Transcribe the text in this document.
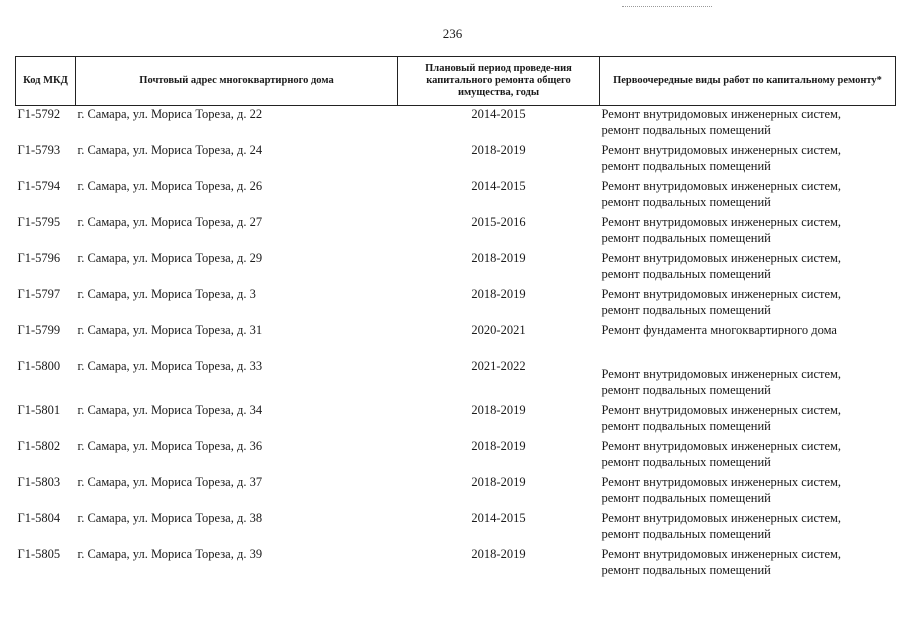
236
Код МКД	Почтовый адрес многоквартирного дома	Плановый период проведе-ния капитального ремонта общего имущества, годы	Первоочередные виды работ по капитальному ремонту*
Г1-5792	г. Самара, ул. Мориса Тореза, д. 22	2014-2015	Ремонт внутридомовых инженерных систем,
ремонт подвальных помещений

Г1-5793	г. Самара, ул. Мориса Тореза, д. 24	2018-2019	Ремонт внутридомовых инженерных систем,
ремонт подвальных помещений

Г1-5794	г. Самара, ул. Мориса Тореза, д. 26	2014-2015	Ремонт внутридомовых инженерных систем,
ремонт подвальных помещений

Г1-5795	г. Самара, ул. Мориса Тореза, д. 27	2015-2016	Ремонт внутридомовых инженерных систем,
ремонт подвальных помещений

Г1-5796	г. Самара, ул. Мориса Тореза, д. 29	2018-2019	Ремонт внутридомовых инженерных систем,
ремонт подвальных помещений

Г1-5797	г. Самара, ул. Мориса Тореза, д. 3	2018-2019	Ремонт внутридомовых инженерных систем,
ремонт подвальных помещений

Г1-5799	г. Самара, ул. Мориса Тореза, д. 31	2020-2021	Ремонт фундамента многоквартирного дома

Г1-5800	г. Самара, ул. Мориса Тореза, д. 33	2021-2022	Ремонт внутридомовых инженерных систем,
ремонт подвальных помещений

Г1-5801	г. Самара, ул. Мориса Тореза, д. 34	2018-2019	Ремонт внутридомовых инженерных систем,
ремонт подвальных помещений

Г1-5802	г. Самара, ул. Мориса Тореза, д. 36	2018-2019	Ремонт внутридомовых инженерных систем,
ремонт подвальных помещений

Г1-5803	г. Самара, ул. Мориса Тореза, д. 37	2018-2019	Ремонт внутридомовых инженерных систем,
ремонт подвальных помещений

Г1-5804	г. Самара, ул. Мориса Тореза, д. 38	2014-2015	Ремонт внутридомовых инженерных систем,
ремонт подвальных помещений

Г1-5805	г. Самара, ул. Мориса Тореза, д. 39	2018-2019	Ремонт внутридомовых инженерных систем,
ремонт подвальных помещений
